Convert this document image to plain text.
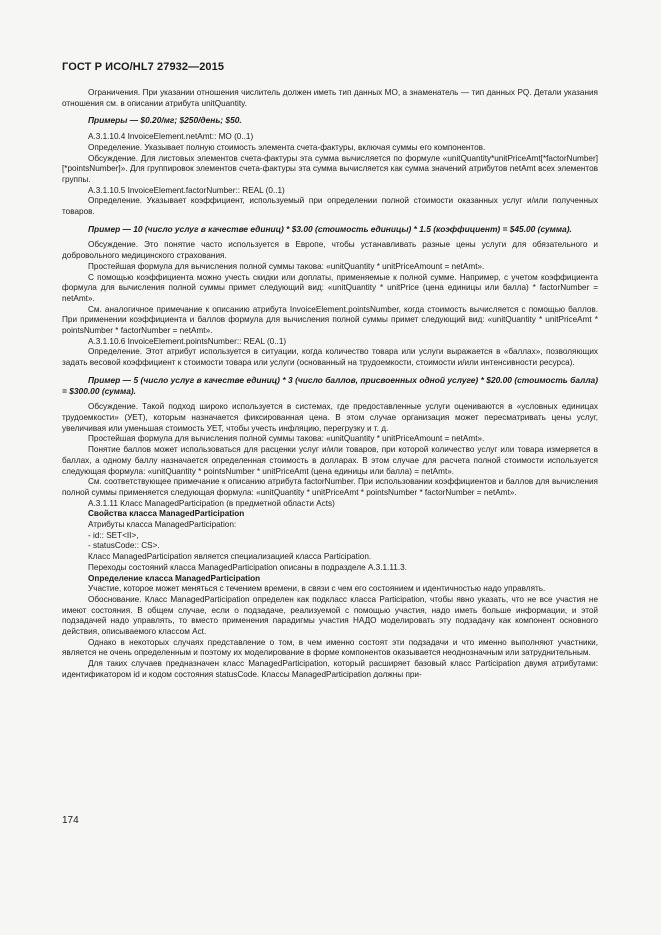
ГОСТ Р ИСО/HL7 27932—2015

Ограничения. При указании отношения числитель должен иметь тип данных MO, а знаменатель — тип данных PQ. Детали указания отношения см. в описании атрибута unitQuantity.

Примеры — $0.20/мг; $250/день; $50.

A.3.1.10.4 InvoiceElement.netAmt:: MO (0..1)

Определение. Указывает полную стоимость элемента счета-фактуры, включая суммы его компонентов.

Обсуждение. Для листовых элементов счета-фактуры эта сумма вычисляется по формуле «unitQuantity*unitPriceAmt[*factorNumber][*pointsNumber]». Для группировок элементов счета-фактуры эта сумма вычисляется как сумма значений атрибутов netAmt всех элементов группы.

A.3.1.10.5 InvoiceElement.factorNumber:: REAL (0..1)

Определение. Указывает коэффициент, используемый при определении полной стоимости оказанных услуг и/или полученных товаров.

Пример — 10 (число услуг в качестве единиц) * $3.00 (стоимость единицы) * 1.5 (коэффициент) = $45.00 (сумма).

Обсуждение. Это понятие часто используется в Европе, чтобы устанавливать разные цены услуги для обязательного и добровольного медицинского страхования.

Простейшая формула для вычисления полной суммы такова: «unitQuantity * unitPriceAmount = netAmt».

С помощью коэффициента можно учесть скидки или доплаты, применяемые к полной сумме. Например, с учетом коэффициента формула для вычисления полной суммы примет следующий вид: «unitQuantity * unitPrice (цена единицы или балла) * factorNumber = netAmt».

См. аналогичное примечание к описанию атрибута InvoiceElement.pointsNumber, когда стоимость вычисляется с помощью баллов. При применении коэффициента и баллов формула для вычисления полной суммы примет следующий вид: «unitQuantity * unitPriceAmt * pointsNumber * factorNumber = netAmt».

A.3.1.10.6 InvoiceElement.pointsNumber:: REAL (0..1)

Определение. Этот атрибут используется в ситуации, когда количество товара или услуги выражается в «баллах», позволяющих задать весовой коэффициент к стоимости товара или услуги (основанный на трудоемкости, стоимости и/или интенсивности ресурса).

Пример — 5 (число услуг в качестве единиц) * 3 (число баллов, присвоенных одной услуге) * $20.00 (стоимость балла) = $300.00 (сумма).

Обсуждение. Такой подход широко используется в системах, где предоставленные услуги оцениваются в «условных единицах трудоемкости» (УЕТ), которым назначается фиксированная цена. В этом случае организация может пересматривать цены услуг, увеличивая или уменьшая стоимость УЕТ, чтобы учесть инфляцию, перегрузку и т. д.

Простейшая формула для вычисления полной суммы такова: «unitQuantity * unitPriceAmount = netAmt».

Понятие баллов может использоваться для расценки услуг и/или товаров, при которой количество услуг или товара измеряется в баллах, а одному баллу назначается определенная стоимость в долларах. В этом случае для расчета полной стоимости используется следующая формула: «unitQuantity * pointsNumber * unitPriceAmt (цена единицы или балла) = netAmt».

См. соответствующее примечание к описанию атрибута factorNumber. При использовании коэффициентов и баллов для вычисления полной суммы применяется следующая формула: «unitQuantity * unitPriceAmt * pointsNumber * factorNumber = netAmt».

A.3.1.11 Класс ManagedParticipation (в предметной области Acts)

Свойства класса ManagedParticipation

Атрибуты класса ManagedParticipation:

- id:: SET<II>,

- statusCode:: CS>.

Класс ManagedParticipation является специализацией класса Participation.

Переходы состояний класса ManagedParticipation описаны в подразделе A.3.1.11.3.

Определение класса ManagedParticipation

Участие, которое может меняться с течением времени, в связи с чем его состоянием и идентичностью надо управлять.

Обоснование. Класс ManagedParticipation определен как подкласс класса Participation, чтобы явно указать, что не все участия не имеют состояния. В общем случае, если о подзадаче, реализуемой с помощью участия, надо иметь больше информации, и этой подзадачей надо управлять, то вместо применения парадигмы участия НАДО моделировать эту подзадачу как компонент основного действия, описываемого классом Act.

Однако в некоторых случаях представление о том, в чем именно состоят эти подзадачи и что именно выполняют участники, является не очень определенным и поэтому их моделирование в форме компонентов оказывается неоднозначным или затруднительным.

Для таких случаев предназначен класс ManagedParticipation, который расширяет базовый класс Participation двумя атрибутами: идентификатором id и кодом состояния statusCode. Классы ManagedParticipation должны при-

174
